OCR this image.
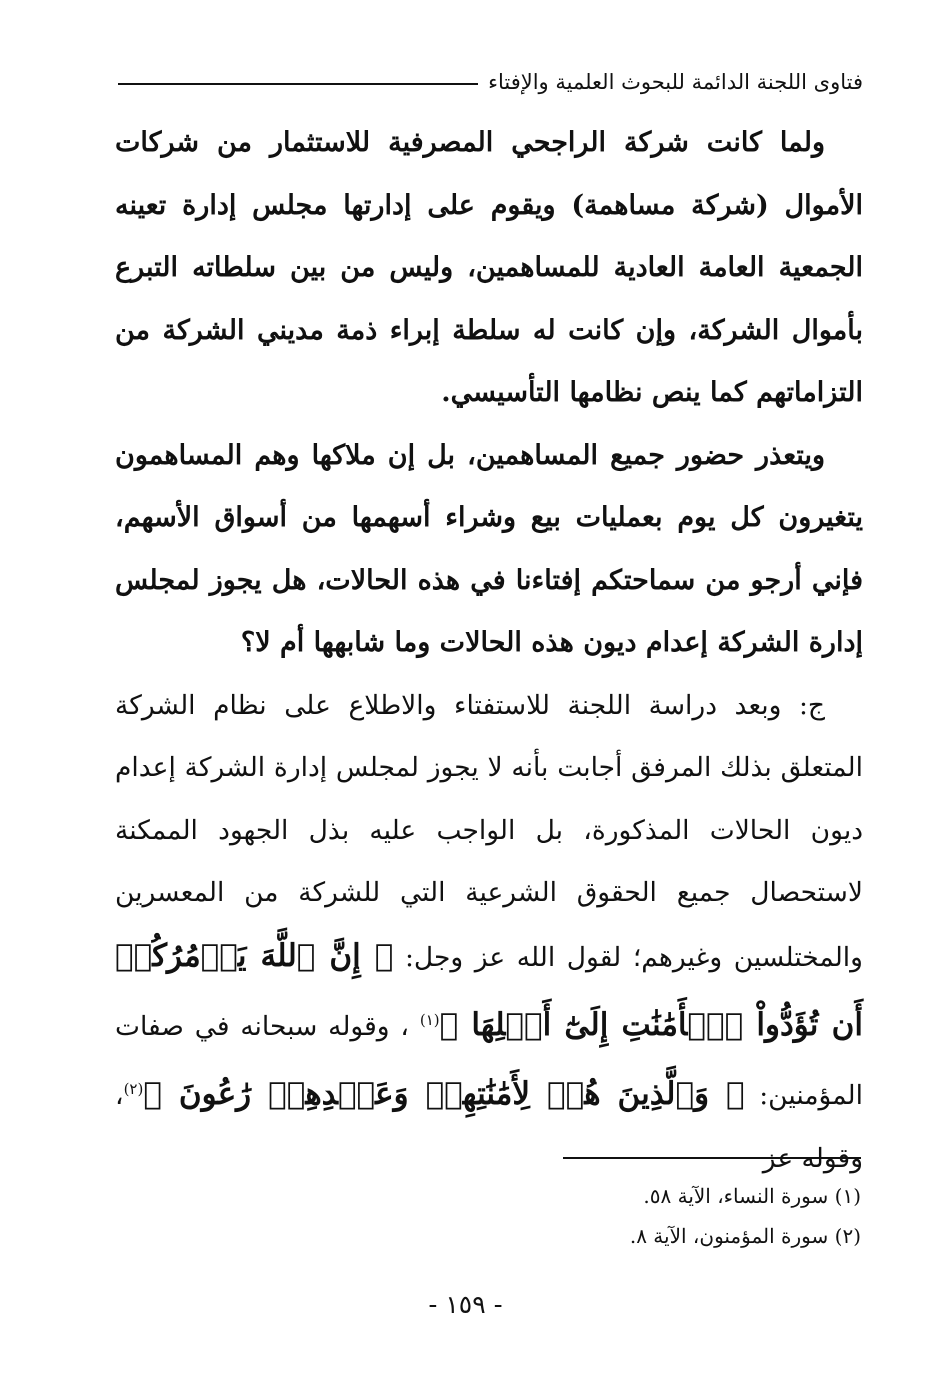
فتاوى اللجنة الدائمة للبحوث العلمية والإفتاء

ولما كانت شركة الراجحي المصرفية للاستثمار من شركات الأموال (شركة مساهمة) ويقوم على إدارتها مجلس إدارة تعينه الجمعية العامة العادية للمساهمين، وليس من بين سلطاته التبرع بأموال الشركة، وإن كانت له سلطة إبراء ذمة مديني الشركة من التزاماتهم كما ينص نظامها التأسيسي.

ويتعذر حضور جميع المساهمين، بل إن ملاكها وهم المساهمون يتغيرون كل يوم بعمليات بيع وشراء أسهمها من أسواق الأسهم، فإني أرجو من سماحتكم إفتاءنا في هذه الحالات، هل يجوز لمجلس إدارة الشركة إعدام ديون هذه الحالات وما شابهها أم لا؟

ج: وبعد دراسة اللجنة للاستفتاء والاطلاع على نظام الشركة المتعلق بذلك المرفق أجابت بأنه لا يجوز لمجلس إدارة الشركة إعدام ديون الحالات المذكورة، بل الواجب عليه بذل الجهود الممكنة لاستحصال جميع الحقوق الشرعية التي للشركة من المعسرين والمختلسين وغيرهم؛ لقول الله عز وجل: ﴿ إِنَّ ٱللَّهَ يَأۡمُرُكُمۡ أَن تُؤَدُّواْ ٱلۡأَمَٰنَٰتِ إِلَىٰٓ أَهۡلِهَا ﴾$^{(١)}$ ، وقوله سبحانه في صفات المؤمنين: ﴿ وَٱلَّذِينَ هُمۡ لِأَمَٰنَٰتِهِمۡ وَعَهۡدِهِمۡ رَٰعُونَ ﴾$^{(٢)}$، وقوله عز

(١) سورة النساء، الآية ٥٨.
(٢) سورة المؤمنون، الآية ٨.
- ١٥٩ -
